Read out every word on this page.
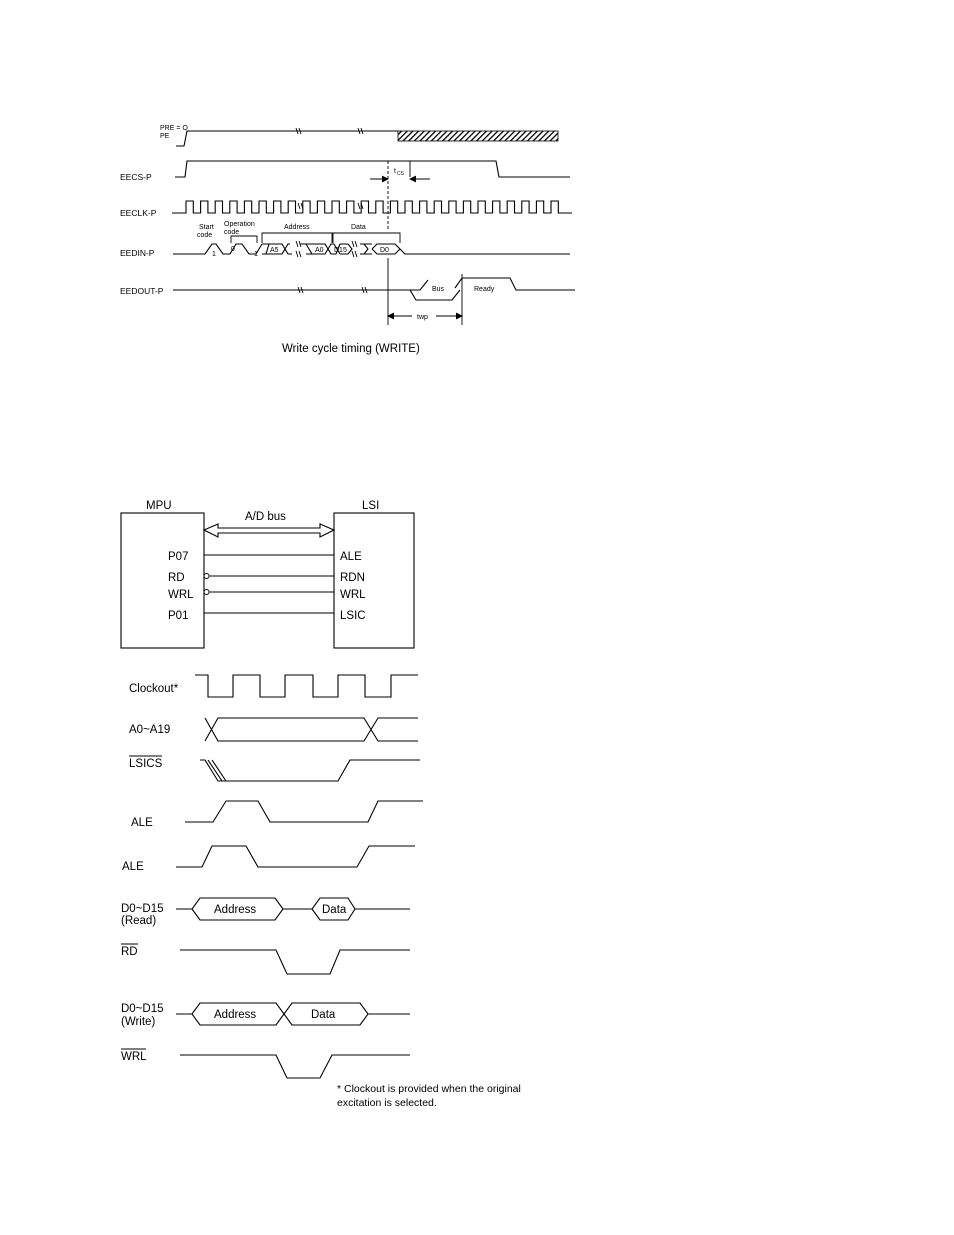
PRE = O
PE
EECS-P
t CS
EECLK-P
Start
code
Operation
code
Address	Data
EEDIN-P	1
0
1
A5	A0 D15	D0
EEDOUT-P	Bus	Ready
twp
Write cycle timing (WRITE)
MPU	LSI
A/D bus
P07
RD
WRL
P01
ALE
RDN
WRL
LSIC
Clockout*
A0~A19
LSICS
ALE
ALE
D0~D15
(Read)
Address	Data
RD
D0~D15
(Write)
Address	Data
WRL
* Clockout is provided when the original
excitation is selected.
